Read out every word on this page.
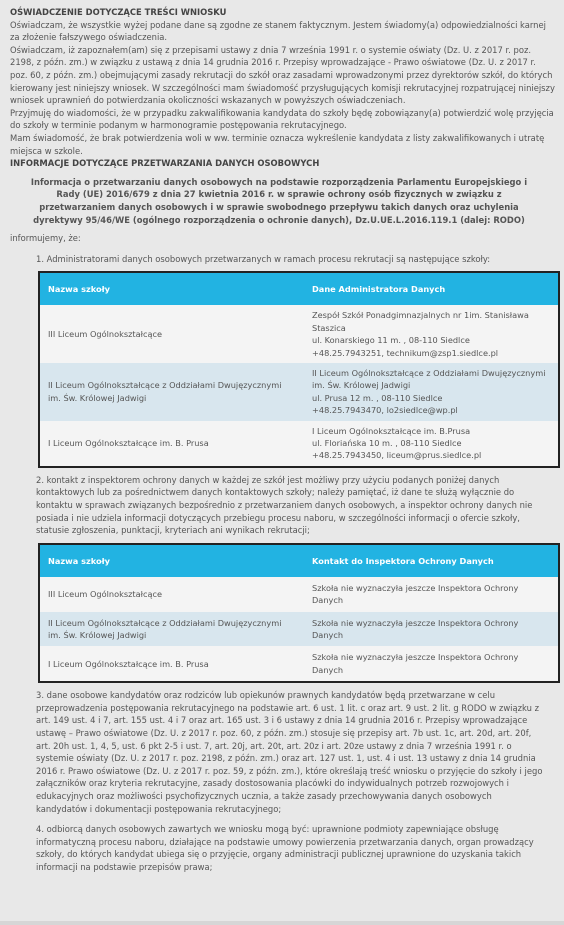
OŚWIADCZENIE DOTYCZĄCE TREŚCI WNIOSKU

Oświadczam, że wszystkie wyżej podane dane są zgodne ze stanem faktycznym. Jestem świadomy(a) odpowiedzialności karnej za złożenie fałszywego oświadczenia.

Oświadczam, iż zapoznałem(am) się z przepisami ustawy z dnia 7 września 1991 r. o systemie oświaty (Dz. U. z 2017 r. poz. 2198, z późn. zm.) w związku z ustawą z dnia 14 grudnia 2016 r. Przepisy wprowadzające - Prawo oświatowe (Dz. U. z 2017 r. poz. 60, z późn. zm.) obejmującymi zasady rekrutacji do szkół oraz zasadami wprowadzonymi przez dyrektorów szkół, do których kierowany jest niniejszy wniosek. W szczególności mam świadomość przysługujących komisji rekrutacyjnej rozpatrującej niniejszy wniosek uprawnień do potwierdzania okoliczności wskazanych w powyższych oświadczeniach.

Przyjmuję do wiadomości, że w przypadku zakwalifikowania kandydata do szkoły będę zobowiązany(a) potwierdzić wolę przyjęcia do szkoły w terminie podanym w harmonogramie postępowania rekrutacyjnego.

Mam świadomość, że brak potwierdzenia woli w ww. terminie oznacza wykreślenie kandydata z listy zakwalifikowanych i utratę miejsca w szkole.

INFORMACJE DOTYCZĄCE PRZETWARZANIA DANYCH OSOBOWYCH

Informacja o przetwarzaniu danych osobowych na podstawie rozporządzenia Parlamentu Europejskiego i Rady (UE) 2016/679 z dnia 27 kwietnia 2016 r. w sprawie ochrony osób fizycznych w związku z przetwarzaniem danych osobowych i w sprawie swobodnego przepływu takich danych oraz uchylenia dyrektywy 95/46/WE (ogólnego rozporządzenia o ochronie danych), Dz.U.UE.L.2016.119.1 (dalej: RODO)

informujemy, że:

1. Administratorami danych osobowych przetwarzanych w ramach procesu rekrutacji są następujące szkoły:

Nazwa szkoły	Dane Administratora Danych
III Liceum Ogólnokształcące	Zespół Szkół Ponadgimnazjalnych nr 1im. Stanisława Staszica
ul. Konarskiego 11 m. , 08-110 Siedlce
+48.25.7943251, technikum@zsp1.siedlce.pl

II Liceum Ogólnokształcące z Oddziałami Dwujęzycznymi im. Św. Królowej Jadwigi	II Liceum Ogólnokształcące z Oddziałami Dwujęzycznymi im. Św. Królowej Jadwigi
ul. Prusa 12 m. , 08-110 Siedlce
+48.25.7943470, lo2siedlce@wp.pl

I Liceum Ogólnokształcące im. B. Prusa	I Liceum Ogólnokształcące im. B.Prusa
ul. Floriańska 10 m. , 08-110 Siedlce
+48.25.7943450, liceum@prus.siedlce.pl

2. kontakt z inspektorem ochrony danych w każdej ze szkół jest możliwy przy użyciu podanych poniżej danych kontaktowych lub za pośrednictwem danych kontaktowych szkoły; należy pamiętać, iż dane te służą wyłącznie do kontaktu w sprawach związanych bezpośrednio z przetwarzaniem danych osobowych, a inspektor ochrony danych nie posiada i nie udziela informacji dotyczących przebiegu procesu naboru, w szczególności informacji o ofercie szkoły, statusie zgłoszenia, punktacji, kryteriach ani wynikach rekrutacji;

Nazwa szkoły	Kontakt do Inspektora Ochrony Danych
III Liceum Ogólnokształcące	Szkoła nie wyznaczyła jeszcze Inspektora Ochrony Danych
II Liceum Ogólnokształcące z Oddziałami Dwujęzycznymi im. Św. Królowej Jadwigi	Szkoła nie wyznaczyła jeszcze Inspektora Ochrony Danych
I Liceum Ogólnokształcące im. B. Prusa	Szkoła nie wyznaczyła jeszcze Inspektora Ochrony Danych

3. dane osobowe kandydatów oraz rodziców lub opiekunów prawnych kandydatów będą przetwarzane w celu przeprowadzenia postępowania rekrutacyjnego na podstawie art. 6 ust. 1 lit. c oraz art. 9 ust. 2 lit. g RODO w związku z art. 149 ust. 4 i 7, art. 155 ust. 4 i 7 oraz art. 165 ust. 3 i 6 ustawy z dnia 14 grudnia 2016 r. Przepisy wprowadzające ustawę – Prawo oświatowe (Dz. U. z 2017 r. poz. 60, z późn. zm.) stosuje się przepisy art. 7b ust. 1c, art. 20d, art. 20f, art. 20h ust. 1, 4, 5, ust. 6 pkt 2-5 i ust. 7, art. 20j, art. 20t, art. 20z i art. 20ze ustawy z dnia 7 września 1991 r. o systemie oświaty (Dz. U. z 2017 r. poz. 2198, z późn. zm.) oraz art. 127 ust. 1, ust. 4 i ust. 13 ustawy z dnia 14 grudnia 2016 r. Prawo oświatowe (Dz. U. z 2017 r. poz. 59, z późn. zm.), które określają treść wniosku o przyjęcie do szkoły i jego załączników oraz kryteria rekrutacyjne, zasady dostosowania placówki do indywidualnych potrzeb rozwojowych i edukacyjnych oraz możliwości psychofizycznych ucznia, a także zasady przechowywania danych osobowych kandydatów i dokumentacji postępowania rekrutacyjnego;

4. odbiorcą danych osobowych zawartych we wniosku mogą być: uprawnione podmioty zapewniające obsługę informatyczną procesu naboru, działające na podstawie umowy powierzenia przetwarzania danych, organ prowadzący szkoły, do których kandydat ubiega się o przyjęcie, organy administracji publicznej uprawnione do uzyskania takich informacji na podstawie przepisów prawa;
